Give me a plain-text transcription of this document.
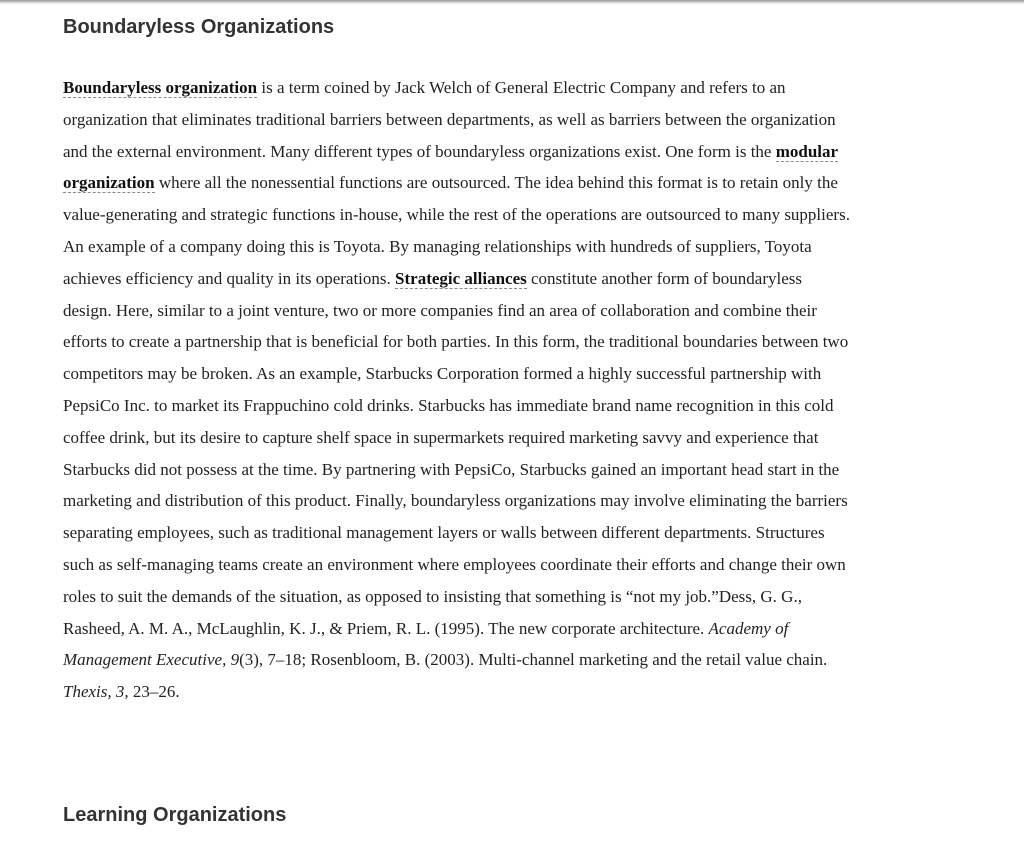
Boundaryless Organizations

Boundaryless organization is a term coined by Jack Welch of General Electric Company and refers to an organization that eliminates traditional barriers between departments, as well as barriers between the organization and the external environment. Many different types of boundaryless organizations exist. One form is the modular organization where all the nonessential functions are outsourced. The idea behind this format is to retain only the value-generating and strategic functions in-house, while the rest of the operations are outsourced to many suppliers. An example of a company doing this is Toyota. By managing relationships with hundreds of suppliers, Toyota achieves efficiency and quality in its operations. Strategic alliances constitute another form of boundaryless design. Here, similar to a joint venture, two or more companies find an area of collaboration and combine their efforts to create a partnership that is beneficial for both parties. In this form, the traditional boundaries between two competitors may be broken. As an example, Starbucks Corporation formed a highly successful partnership with PepsiCo Inc. to market its Frappuchino cold drinks. Starbucks has immediate brand name recognition in this cold coffee drink, but its desire to capture shelf space in supermarkets required marketing savvy and experience that Starbucks did not possess at the time. By partnering with PepsiCo, Starbucks gained an important head start in the marketing and distribution of this product. Finally, boundaryless organizations may involve eliminating the barriers separating employees, such as traditional management layers or walls between different departments. Structures such as self-managing teams create an environment where employees coordinate their efforts and change their own roles to suit the demands of the situation, as opposed to insisting that something is “not my job.”Dess, G. G., Rasheed, A. M. A., McLaughlin, K. J., & Priem, R. L. (1995). The new corporate architecture. Academy of Management Executive, 9(3), 7–18; Rosenbloom, B. (2003). Multi-channel marketing and the retail value chain. Thexis, 3, 23–26.

Learning Organizations
